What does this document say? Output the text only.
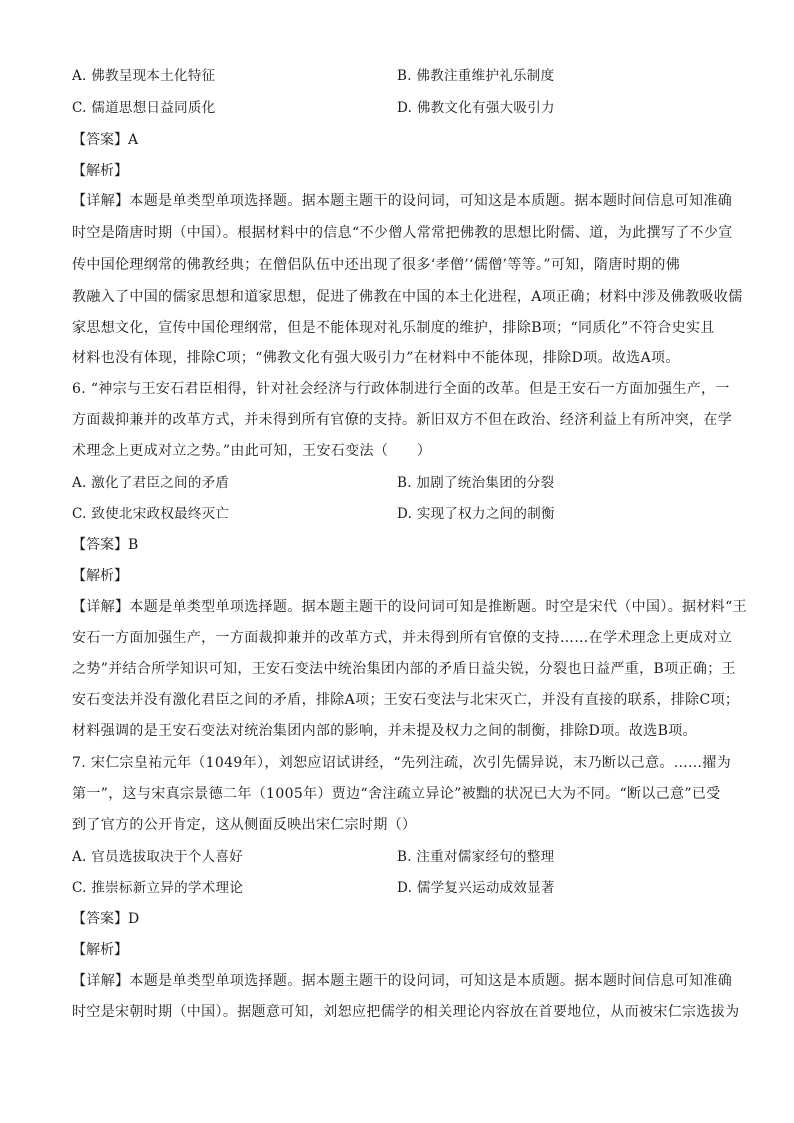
A. 佛教呈现本土化特征	B. 佛教注重维护礼乐制度
C. 儒道思想日益同质化	D. 佛教文化有强大吸引力
【答案】A
【解析】
【详解】本题是单类型单项选择题。据本题主题干的设问词，可知这是本质题。据本题时间信息可知准确
时空是隋唐时期（中国）。根据材料中的信息“不少僧人常常把佛教的思想比附儒、道，为此撰写了不少宣
传中国伦理纲常的佛教经典；在僧侣队伍中还出现了很多‘孝僧’‘儒僧’等等。”可知，隋唐时期的佛
教融入了中国的儒家思想和道家思想，促进了佛教在中国的本土化进程，A项正确；材料中涉及佛教吸收儒
家思想文化，宣传中国伦理纲常，但是不能体现对礼乐制度的维护，排除B项；“同质化”不符合史实且
材料也没有体现，排除C项；“佛教文化有强大吸引力”在材料中不能体现，排除D项。故选A项。
6. “神宗与王安石君臣相得，针对社会经济与行政体制进行全面的改革。但是王安石一方面加强生产，一
方面裁抑兼并的改革方式，并未得到所有官僚的支持。新旧双方不但在政治、经济利益上有所冲突，在学
术理念上更成对立之势。”由此可知，王安石变法（　　）
A. 激化了君臣之间的矛盾	B. 加剧了统治集团的分裂
C. 致使北宋政权最终灭亡	D. 实现了权力之间的制衡
【答案】B
【解析】
【详解】本题是单类型单项选择题。据本题主题干的设问词可知是推断题。时空是宋代（中国）。据材料“王
安石一方面加强生产，一方面裁抑兼并的改革方式，并未得到所有官僚的支持……在学术理念上更成对立
之势”并结合所学知识可知，王安石变法中统治集团内部的矛盾日益尖锐，分裂也日益严重，B项正确；王
安石变法并没有激化君臣之间的矛盾，排除A项；王安石变法与北宋灭亡，并没有直接的联系，排除C项；
材料强调的是王安石变法对统治集团内部的影响，并未提及权力之间的制衡，排除D项。故选B项。
7. 宋仁宗皇祐元年（1049年），刘恕应诏试讲经，“先列注疏，次引先儒异说，末乃断以己意。……擢为
第一”，这与宋真宗景德二年（1005年）贾边“舍注疏立异论”被黜的状况已大为不同。“断以己意”已受
到了官方的公开肯定，这从侧面反映出宋仁宗时期（）
A. 官员选拔取决于个人喜好	B. 注重对儒家经句的整理
C. 推崇标新立异的学术理论	D. 儒学复兴运动成效显著
【答案】D
【解析】
【详解】本题是单类型单项选择题。据本题主题干的设问词，可知这是本质题。据本题时间信息可知准确
时空是宋朝时期（中国）。据题意可知，刘恕应把儒学的相关理论内容放在首要地位，从而被宋仁宗选拔为
